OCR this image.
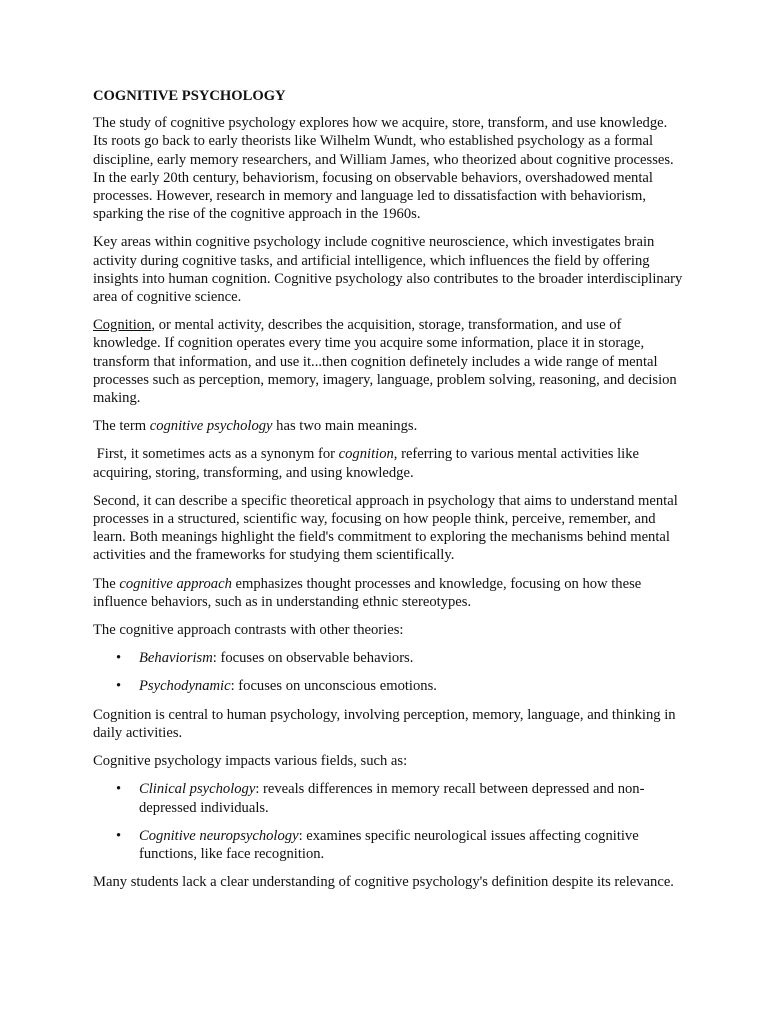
COGNITIVE PSYCHOLOGY

The study of cognitive psychology explores how we acquire, store, transform, and use knowledge. Its roots go back to early theorists like Wilhelm Wundt, who established psychology as a formal discipline, early memory researchers, and William James, who theorized about cognitive processes. In the early 20th century, behaviorism, focusing on observable behaviors, overshadowed mental processes. However, research in memory and language led to dissatisfaction with behaviorism, sparking the rise of the cognitive approach in the 1960s.

Key areas within cognitive psychology include cognitive neuroscience, which investigates brain activity during cognitive tasks, and artificial intelligence, which influences the field by offering insights into human cognition. Cognitive psychology also contributes to the broader interdisciplinary area of cognitive science.

Cognition, or mental activity, describes the acquisition, storage, transformation, and use of knowledge. If cognition operates every time you acquire some information, place it in storage, transform that information, and use it...then cognition definetely includes a wide range of mental processes such as perception, memory, imagery, language, problem solving, reasoning, and decision making.

The term cognitive psychology has two main meanings.

First, it sometimes acts as a synonym for cognition, referring to various mental activities like acquiring, storing, transforming, and using knowledge.

Second, it can describe a specific theoretical approach in psychology that aims to understand mental processes in a structured, scientific way, focusing on how people think, perceive, remember, and learn. Both meanings highlight the field's commitment to exploring the mechanisms behind mental activities and the frameworks for studying them scientifically.

The cognitive approach emphasizes thought processes and knowledge, focusing on how these influence behaviors, such as in understanding ethnic stereotypes.

The cognitive approach contrasts with other theories:

• Behaviorism: focuses on observable behaviors.
• Psychodynamic: focuses on unconscious emotions.

Cognition is central to human psychology, involving perception, memory, language, and thinking in daily activities.

Cognitive psychology impacts various fields, such as:

• Clinical psychology: reveals differences in memory recall between depressed and non-depressed individuals.
• Cognitive neuropsychology: examines specific neurological issues affecting cognitive functions, like face recognition.

Many students lack a clear understanding of cognitive psychology's definition despite its relevance.
